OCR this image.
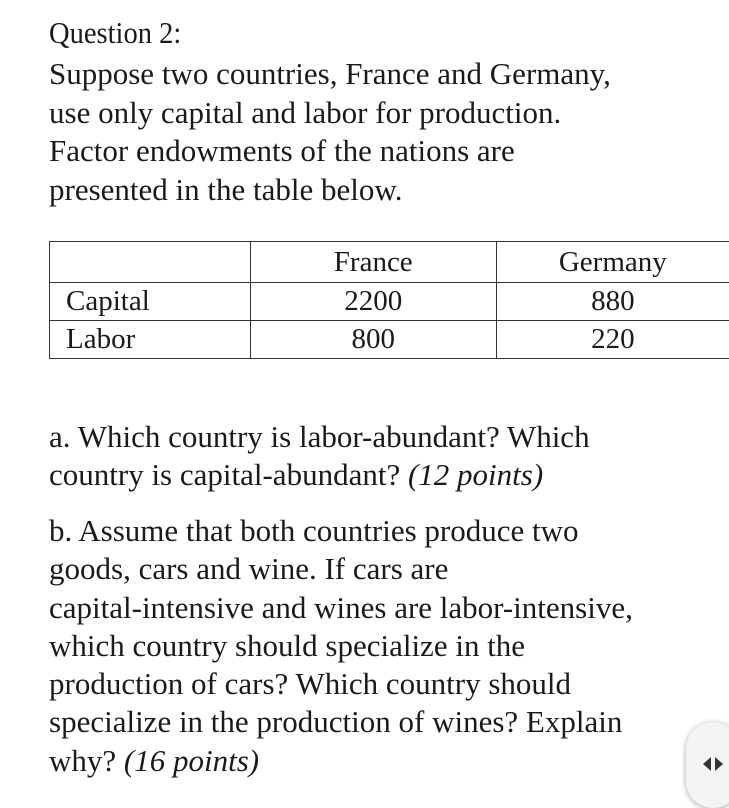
Question 2:

Suppose two countries, France and Germany,
use only capital and labor for production.
Factor endowments of the nations are
presented in the table below.

	France	Germany
Capital	2200	880
Labor	800	220

a. Which country is labor-abundant? Which
country is capital-abundant? (12 points)

b. Assume that both countries produce two
goods, cars and wine. If cars are
capital-intensive and wines are labor-intensive,
which country should specialize in the
production of cars? Which country should
specialize in the production of wines? Explain
why? (16 points)
